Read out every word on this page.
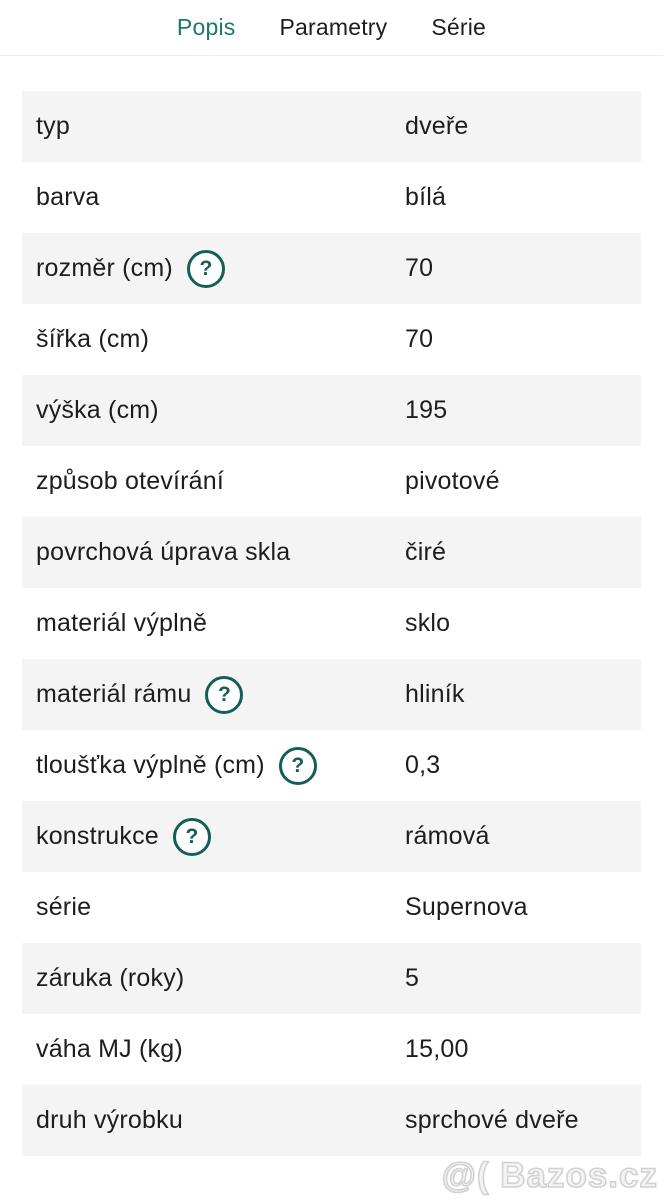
Popis Parametry Série
typ	dveře
barva	bílá
rozměr (cm) ?	70
šířka (cm)	70
výška (cm)	195
způsob otevírání	pivotové
povrchová úprava skla	čiré
materiál výplně	sklo
materiál rámu ?	hliník
tloušťka výplně (cm) ?	0,3
konstrukce ?	rámová
série	Supernova
záruka (roky)	5
váha MJ (kg)	15,00
druh výrobku	sprchové dveře
@( Bazos.cz
